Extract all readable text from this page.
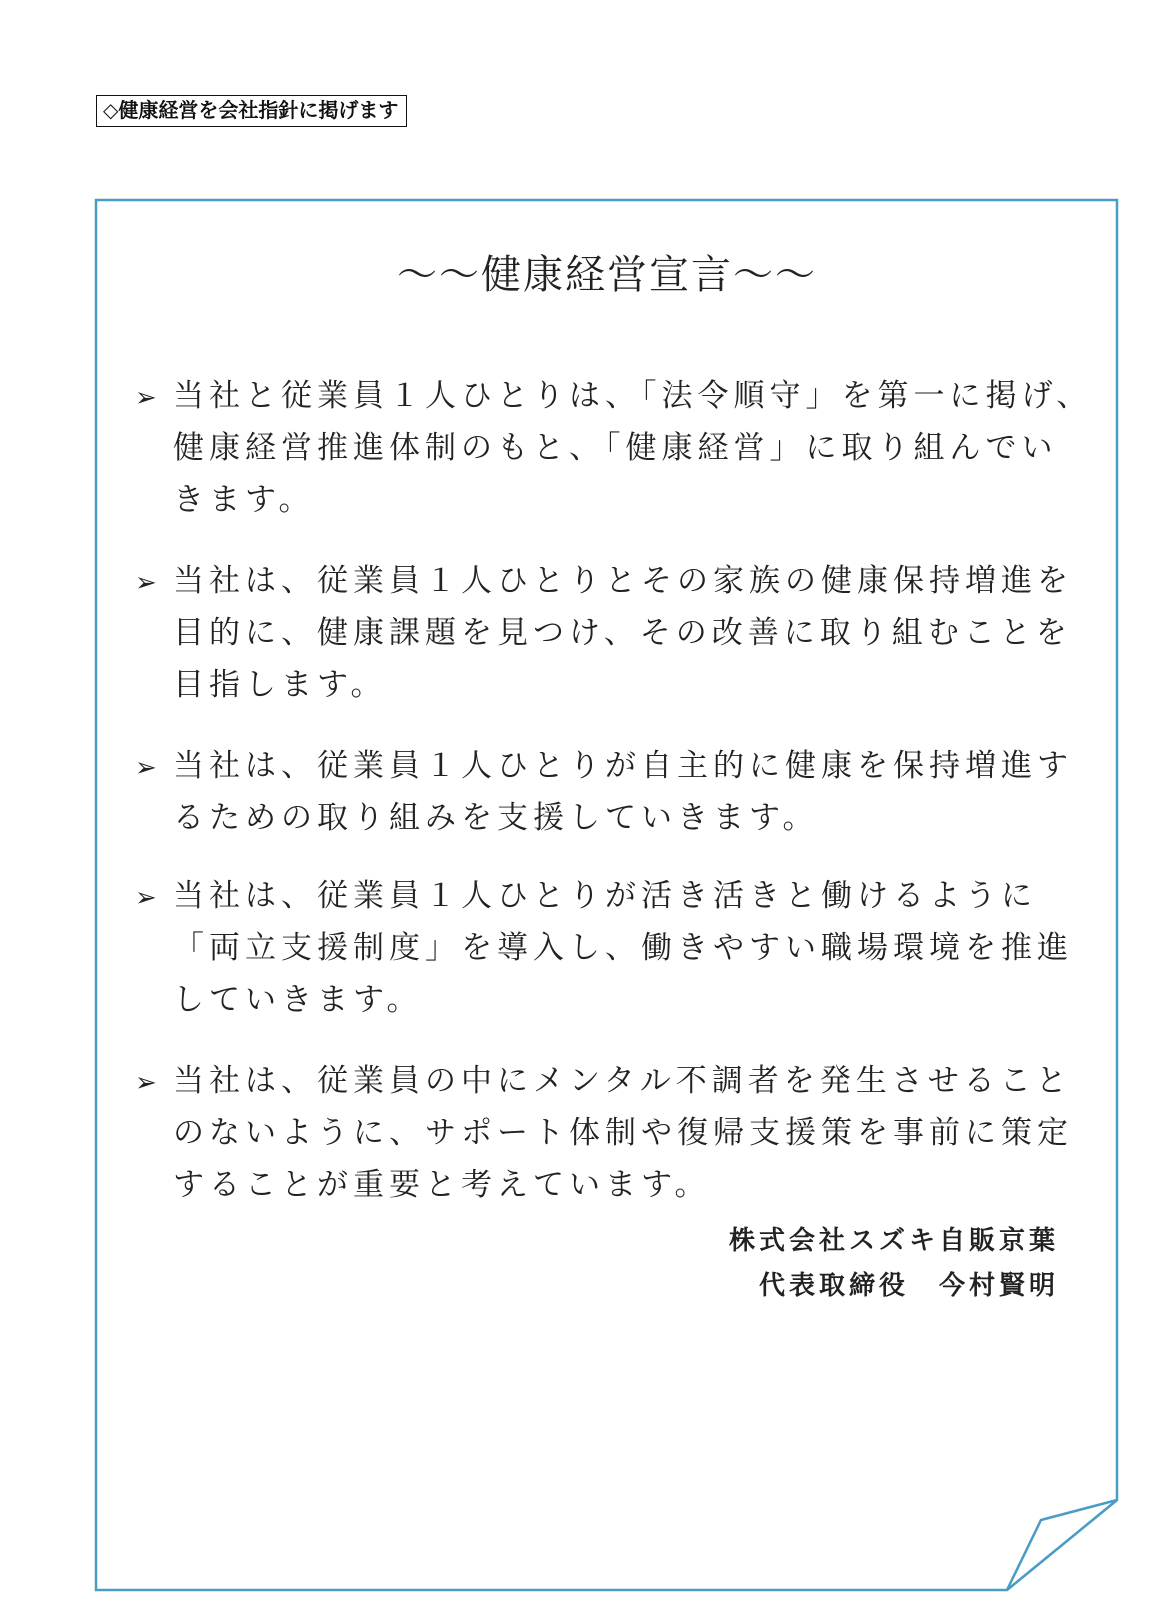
◇健康経営を会社指針に掲げます
～～健康経営宣言～～
➢ 当社と従業員１人ひとりは、「法令順守」を第一に掲げ、健康経営推進体制のもと、「健康経営」に取り組んでいきます。
➢ 当社は、従業員１人ひとりとその家族の健康保持増進を目的に、健康課題を見つけ、その改善に取り組むことを目指します。
➢ 当社は、従業員１人ひとりが自主的に健康を保持増進するための取り組みを支援していきます。
➢ 当社は、従業員１人ひとりが活き活きと働けるように「両立支援制度」を導入し、働きやすい職場環境を推進していきます。
➢ 当社は、従業員の中にメンタル不調者を発生させることのないように、サポート体制や復帰支援策を事前に策定することが重要と考えています。
株式会社スズキ自販京葉
代表取締役　今村賢明
